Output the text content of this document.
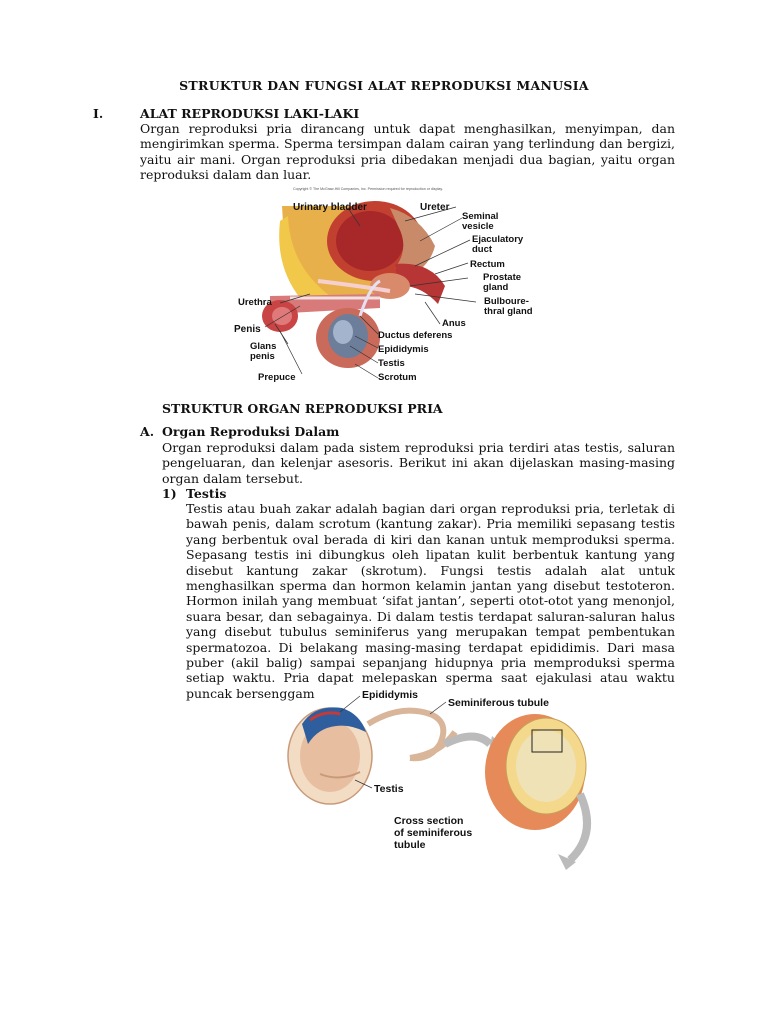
STRUKTUR DAN FUNGSI ALAT REPRODUKSI MANUSIA
I.	ALAT REPRODUKSI LAKI-LAKI
Organ reproduksi pria dirancang untuk dapat menghasilkan, menyimpan, dan mengirimkan sperma. Sperma tersimpan dalam cairan yang terlindung dan bergizi, yaitu air mani. Organ reproduksi pria dibedakan menjadi dua bagian, yaitu organ reproduksi dalam dan luar.
Copyright © The McGraw-Hill Companies, Inc. Permission required for reproduction or display.
Urinary bladder	Ureter
Seminal
vesicle
Ejaculatory
duct
Rectum
Prostate
gland
Bulboure-
thral gland
Anus
Urethra
Penis
Glans
penis
Prepuce
Ductus deferens
Epididymis
Testis
Scrotum
STRUKTUR ORGAN REPRODUKSI PRIA
A. Organ Reproduksi Dalam
Organ reproduksi dalam pada sistem reproduksi pria terdiri atas testis, saluran pengeluaran, dan kelenjar asesoris. Berikut ini akan dijelaskan masing-masing organ dalam tersebut.
1) Testis
Testis atau buah zakar adalah bagian dari organ reproduksi pria, terletak di bawah penis, dalam scrotum (kantung zakar). Pria memiliki sepasang testis yang berbentuk oval berada di kiri dan kanan untuk memproduksi sperma. Sepasang testis ini dibungkus oleh lipatan kulit berbentuk kantung yang disebut kantung zakar (skrotum). Fungsi testis adalah alat untuk menghasilkan sperma dan hormon kelamin jantan yang disebut testoteron. Hormon inilah yang membuat ‘sifat jantan’, seperti otot-otot yang menonjol, suara besar, dan sebagainya. Di dalam testis terdapat saluran-saluran halus yang disebut tubulus seminiferus yang merupakan tempat pembentukan spermatozoa. Di belakang masing-masing terdapat epididimis. Dari masa puber (akil balig) sampai sepanjang hidupnya pria memproduksi sperma setiap waktu. Pria dapat melepaskan sperma saat ejakulasi atau waktu puncak bersenggam	Epididymis
Seminiferous tubule
Testis
Cross section
of seminiferous
tubule
